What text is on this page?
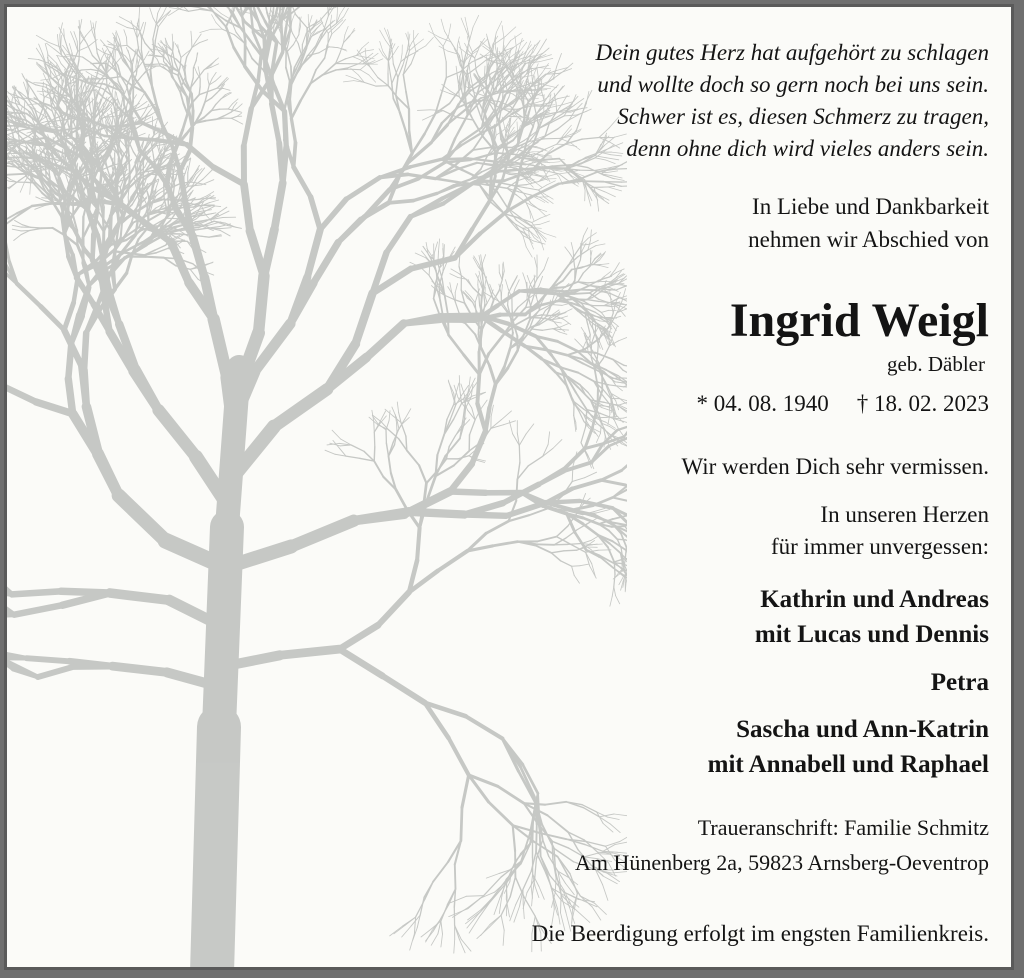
Dein gutes Herz hat aufgehört zu schlagen
und wollte doch so gern noch bei uns sein.
Schwer ist es, diesen Schmerz zu tragen,
denn ohne dich wird vieles anders sein.
In Liebe und Dankbarkeit
nehmen wir Abschied von
Ingrid Weigl
geb. Däbler
* 04. 08. 1940 † 18. 02. 2023
Wir werden Dich sehr vermissen.
In unseren Herzen
für immer unvergessen:
Kathrin und Andreas
mit Lucas und Dennis
Petra
Sascha und Ann-Katrin
mit Annabell und Raphael
Traueranschrift: Familie Schmitz
Am Hünenberg 2a, 59823 Arnsberg-Oeventrop
Die Beerdigung erfolgt im engsten Familienkreis.
